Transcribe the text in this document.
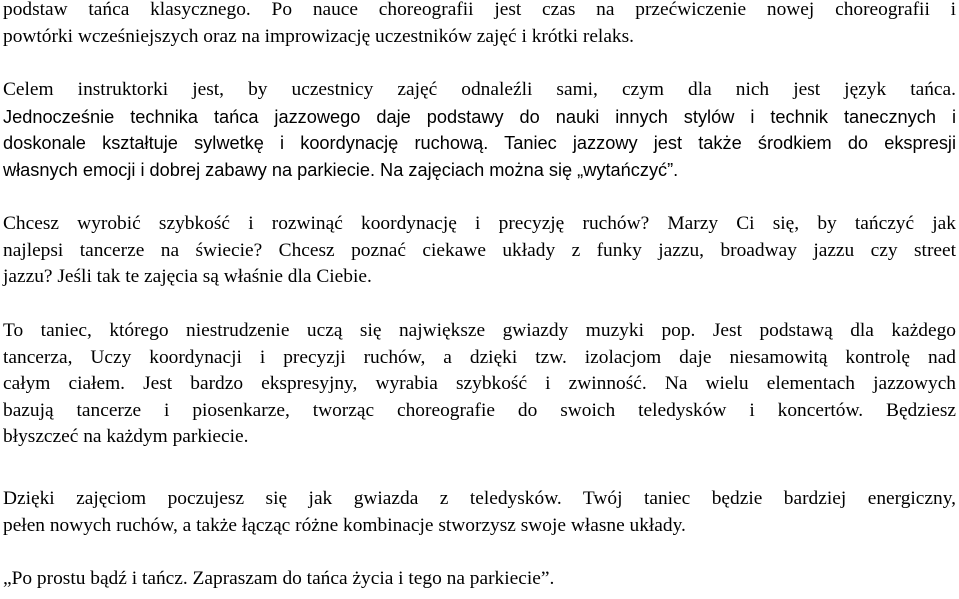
podstaw tańca klasycznego. Po nauce choreografii jest czas na przećwiczenie nowej choreografii i
powtórki wcześniejszych oraz na improwizację uczestników zajęć i krótki relaks.
Celem instruktorki jest, by uczestnicy zajęć odnaleźli sami, czym dla nich jest język tańca.
Jednocześnie technika tańca jazzowego daje podstawy do nauki innych stylów i technik tanecznych i
doskonale kształtuje sylwetkę i koordynację ruchową. Taniec jazzowy jest także środkiem do ekspresji
własnych emocji i dobrej zabawy na parkiecie. Na zajęciach można się „wytańczyć”.
Chcesz wyrobić szybkość i rozwinąć koordynację i precyzję ruchów? Marzy Ci się, by tańczyć jak
najlepsi tancerze na świecie? Chcesz poznać ciekawe układy z funky jazzu, broadway jazzu czy street
jazzu? Jeśli tak te zajęcia są właśnie dla Ciebie.
To taniec, którego niestrudzenie uczą się największe gwiazdy muzyki pop. Jest podstawą dla każdego
tancerza, Uczy koordynacji i precyzji ruchów, a dzięki tzw. izolacjom daje niesamowitą kontrolę nad
całym ciałem. Jest bardzo ekspresyjny, wyrabia szybkość i zwinność. Na wielu elementach jazzowych
bazują tancerze i piosenkarze, tworząc choreografie do swoich teledysków i koncertów. Będziesz
błyszczeć na każdym parkiecie.
Dzięki zajęciom poczujesz się jak gwiazda z teledysków. Twój taniec będzie bardziej energiczny,
pełen nowych ruchów, a także łącząc różne kombinacje stworzysz swoje własne układy.
„Po prostu bądź i tańcz. Zapraszam do tańca życia i tego na parkiecie”.
